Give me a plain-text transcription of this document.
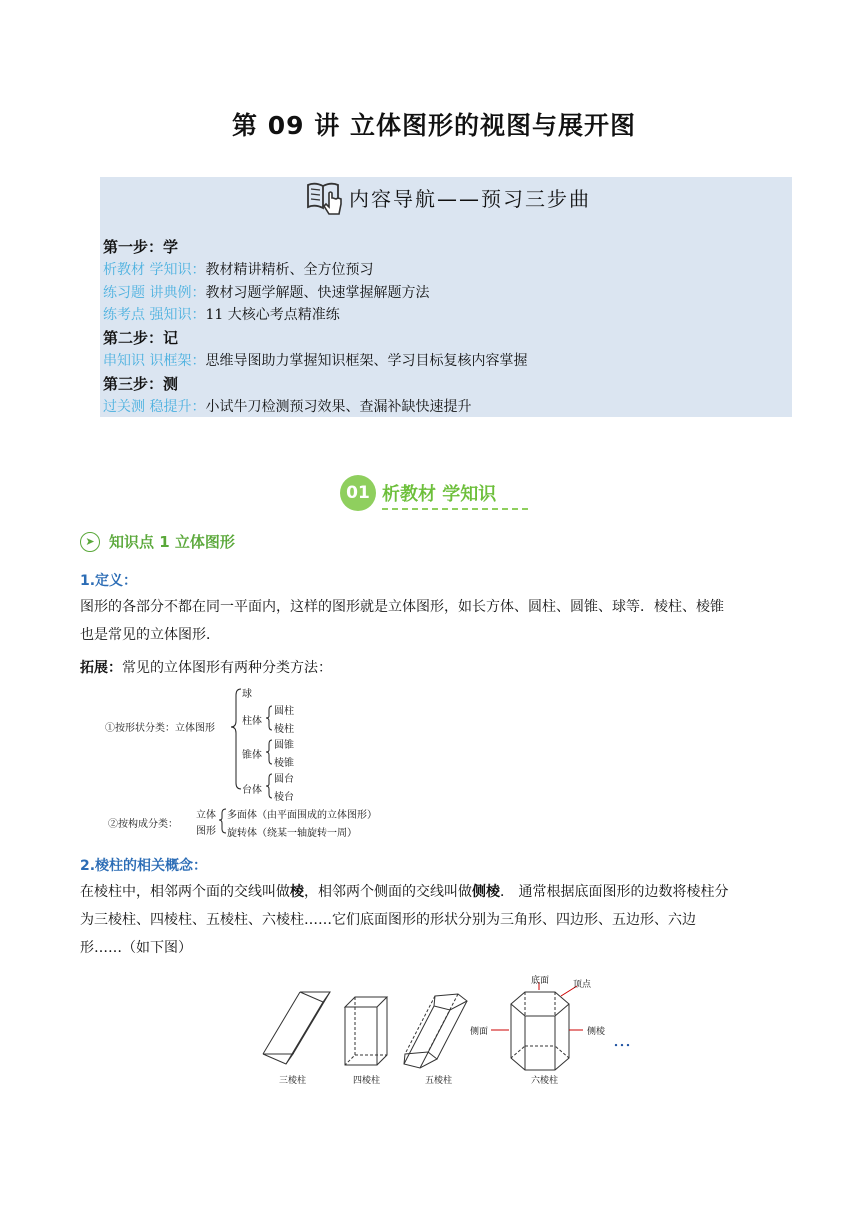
第 09 讲 立体图形的视图与展开图
内容导航——预习三步曲
第一步：学
析教材 学知识：教材精讲精析、全方位预习
练习题 讲典例：教材习题学解题、快速掌握解题方法
练考点 强知识：11 大核心考点精准练
第二步：记
串知识 识框架：思维导图助力掌握知识框架、学习目标复核内容掌握
第三步：测
过关测 稳提升：小试牛刀检测预习效果、查漏补缺快速提升
01 析教材 学知识
➤ 知识点 1 立体图形
1.定义：
图形的各部分不都在同一平面内，这样的图形就是立体图形，如长方体、圆柱、圆锥、球等．棱柱、棱锥
也是常见的立体图形．
拓展：常见的立体图形有两种分类方法：
①按形状分类：立体图形
球
柱体
圆柱
棱柱
锥体
圆锥
棱锥
台体
圆台
棱台
②按构成分类：
立体
图形
多面体（由平面围成的立体图形）
旋转体（绕某一轴旋转一周）
2.棱柱的相关概念：
在棱柱中，相邻两个面的交线叫做棱，相邻两个侧面的交线叫做侧棱． 通常根据底面图形的边数将棱柱分
为三棱柱、四棱柱、五棱柱、六棱柱……它们底面图形的形状分别为三角形、四边形、五边形、六边
形……（如下图）
三棱柱	四棱柱	五棱柱	六棱柱
底面	顶点
侧面	侧棱 …
